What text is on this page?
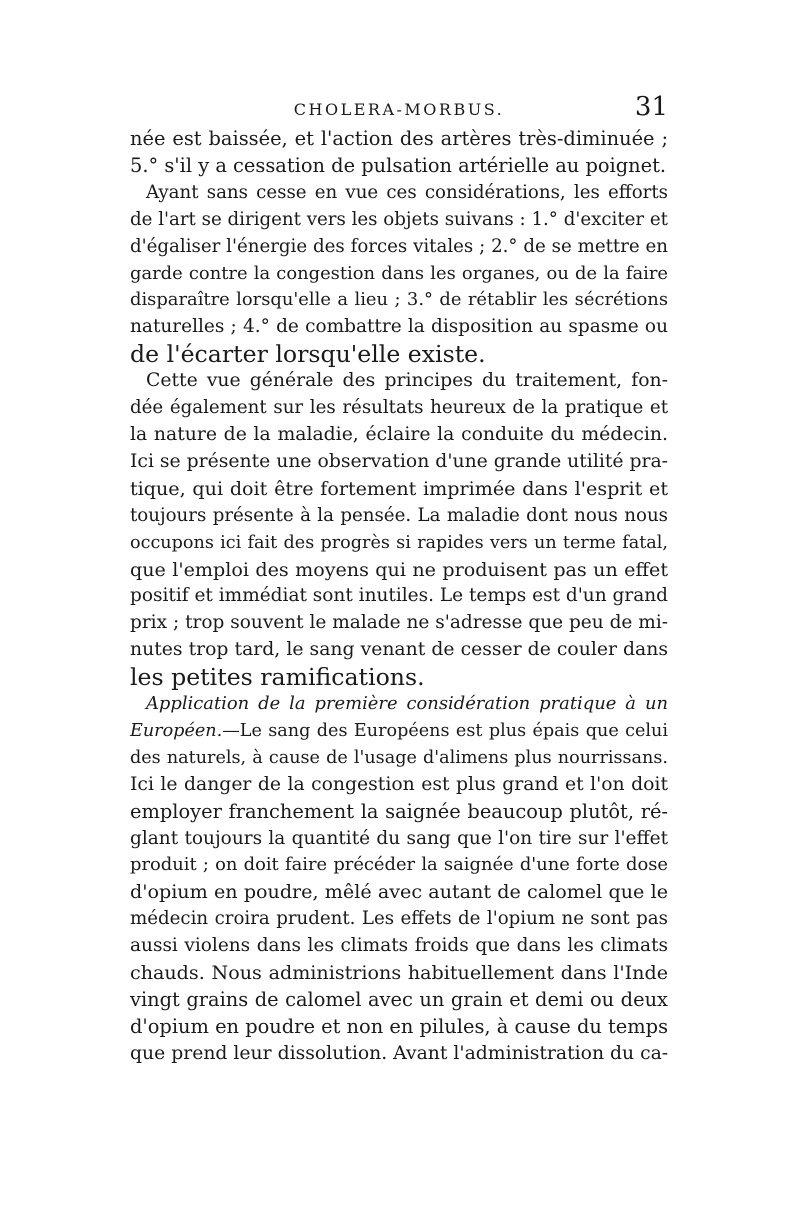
CHOLERA-MORBUS.	31

née est baissée, et l'action des artères très-diminuée ;
5.° s'il y a cessation de pulsation artérielle au poignet.

Ayant sans cesse en vue ces considérations, les efforts
de l'art se dirigent vers les objets suivans : 1.° d'exciter et
d'égaliser l'énergie des forces vitales ; 2.° de se mettre en
garde contre la congestion dans les organes, ou de la faire
disparaître lorsqu'elle a lieu ; 3.° de rétablir les sécrétions
naturelles ; 4.° de combattre la disposition au spasme ou
de l'écarter lorsqu'elle existe.

Cette vue générale des principes du traitement, fon-
dée également sur les résultats heureux de la pratique et
la nature de la maladie, éclaire la conduite du médecin.
Ici se présente une observation d'une grande utilité pra-
tique, qui doit être fortement imprimée dans l'esprit et
toujours présente à la pensée. La maladie dont nous nous
occupons ici fait des progrès si rapides vers un terme fatal,
que l'emploi des moyens qui ne produisent pas un effet
positif et immédiat sont inutiles. Le temps est d'un grand
prix ; trop souvent le malade ne s'adresse que peu de mi-
nutes trop tard, le sang venant de cesser de couler dans
les petites ramifications.

Application de la première considération pratique à un
Européen.—Le sang des Européens est plus épais que celui
des naturels, à cause de l'usage d'alimens plus nourrissans.
Ici le danger de la congestion est plus grand et l'on doit
employer franchement la saignée beaucoup plutôt, ré-
glant toujours la quantité du sang que l'on tire sur l'effet
produit ; on doit faire précéder la saignée d'une forte dose
d'opium en poudre, mêlé avec autant de calomel que le
médecin croira prudent. Les effets de l'opium ne sont pas
aussi violens dans les climats froids que dans les climats
chauds. Nous administrions habituellement dans l'Inde
vingt grains de calomel avec un grain et demi ou deux
d'opium en poudre et non en pilules, à cause du temps
que prend leur dissolution. Avant l'administration du ca-
